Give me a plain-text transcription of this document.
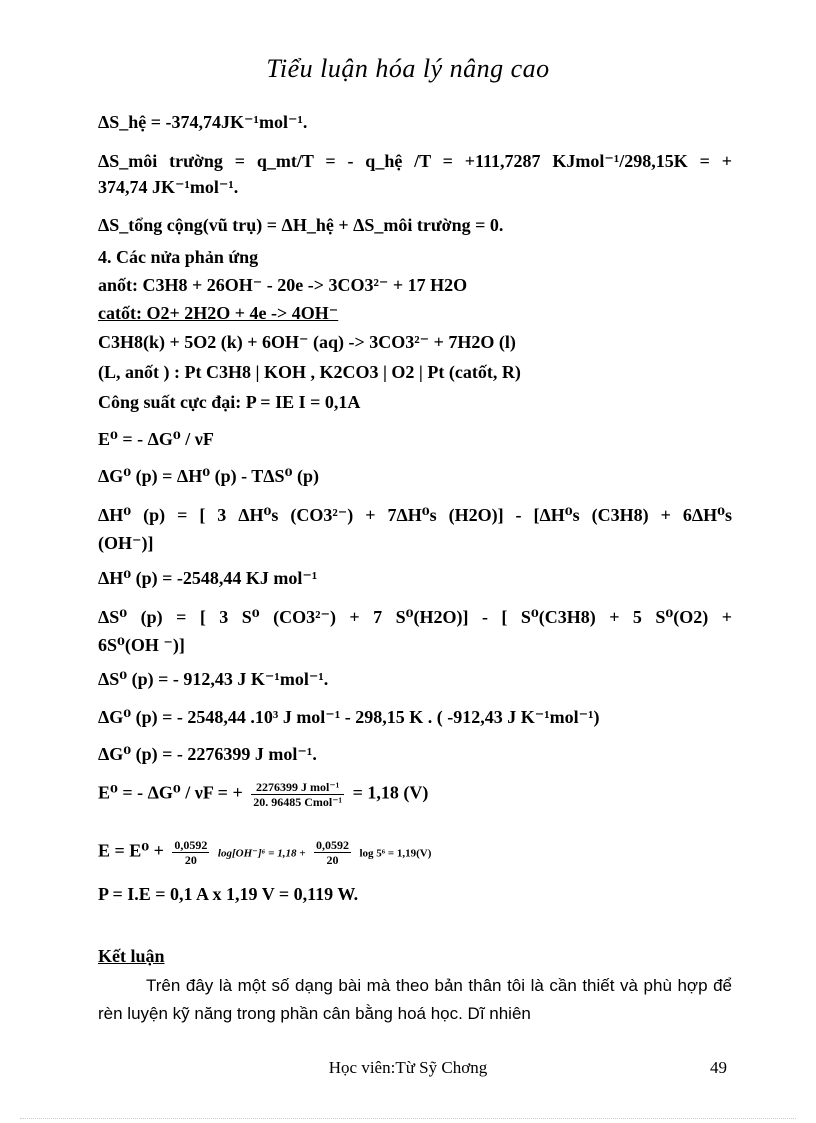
Tiểu luận hóa lý nâng cao
ΔS_hệ = -374,74JK⁻¹mol⁻¹.
ΔS_môi trường = q_mt/T = - q_hệ /T = +111,7287 KJmol⁻¹/298,15K = +
374,74 JK⁻¹mol⁻¹.
ΔS_tổng cộng(vũ trụ) = ΔH_hệ + ΔS_môi trường = 0.
4. Các nửa phản ứng
anốt: C3H8 + 26OH⁻ - 20e -> 3CO3²⁻ + 17 H2O
catốt: O2+ 2H2O + 4e -> 4OH⁻
C3H8(k) + 5O2 (k) + 6OH⁻ (aq) -> 3CO3²⁻ + 7H2O (l)
(L, anốt ) : Pt C3H8 | KOH , K2CO3 | O2 | Pt (catốt, R)
Công suất cực đại: P = IE I = 0,1A
E⁰ = - ΔG⁰ / νF
ΔG⁰ (p) = ΔH⁰ (p) - TΔS⁰ (p)
ΔH⁰ (p) = [ 3 ΔH⁰s (CO3²⁻) + 7ΔH⁰s (H2O)] - [ΔH⁰s (C3H8) + 6ΔH⁰s
(OH⁻)]
ΔH⁰ (p) = -2548,44 KJ mol⁻¹
ΔS⁰ (p) = [ 3 S⁰ (CO3²⁻) + 7 S⁰(H2O)] - [ S⁰(C3H8) + 5 S⁰(O2) +
6S⁰(OH ⁻)]
ΔS⁰ (p) = - 912,43 J K⁻¹mol⁻¹.
ΔG⁰ (p) = - 2548,44 .10³ J mol⁻¹ - 298,15 K . ( -912,43 J K⁻¹mol⁻¹)
ΔG⁰ (p) = - 2276399 J mol⁻¹.
E⁰ = - ΔG⁰ / νF = + $\frac{\text{2276399 J mol⁻¹}}{\text{20. 96485 Cmol⁻¹}} = 1,18$ (V)
$E = E^0 + \frac{0,0592}{20} \log[OH^-]^6 = 1,18 + \frac{0,0592}{20}$ log 5⁶ = 1,19(V)
P = I.E = 0,1 A x 1,19 V = 0,119 W.
Kết luận
Trên đây là một số dạng bài mà theo bản thân tôi là cần thiết và phù hợp để rèn luyện kỹ năng trong phần cân bằng hoá học. Dĩ nhiên
Học viên:Từ Sỹ Chơng	49
